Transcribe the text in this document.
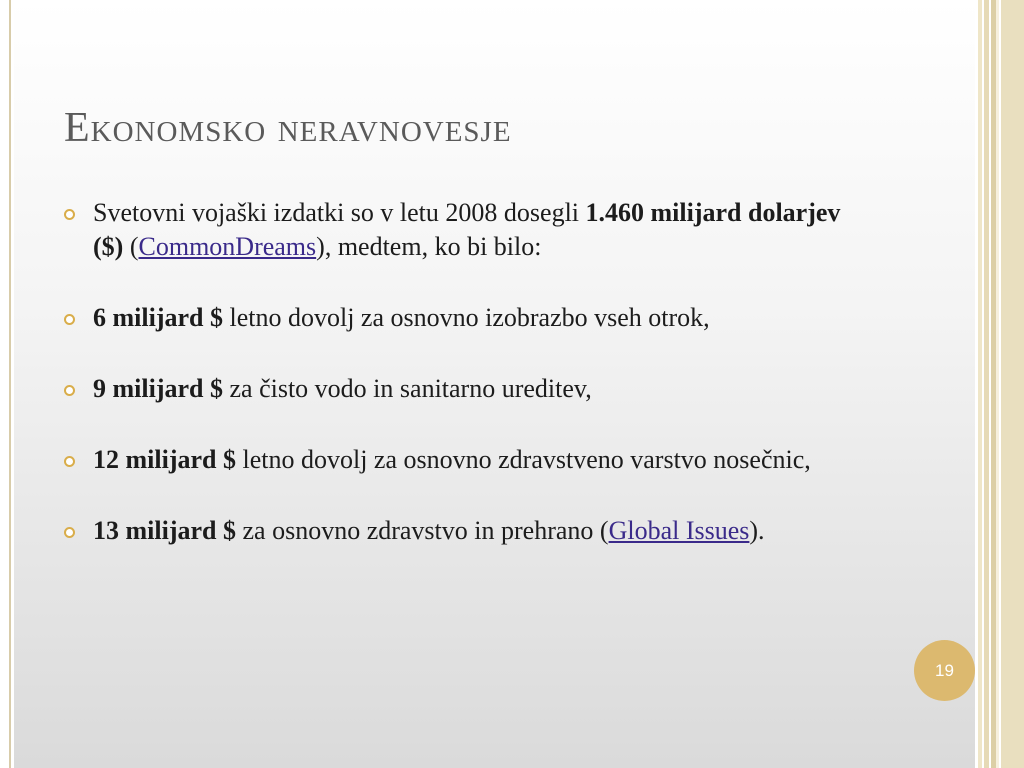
Ekonomsko neravnovesje
Svetovni vojaški izdatki so v letu 2008 dosegli 1.460 milijard dolarjev ($) (CommonDreams), medtem, ko bi bilo:
6 milijard $ letno dovolj za osnovno izobrazbo vseh otrok,
9 milijard $ za čisto vodo in sanitarno ureditev,
12 milijard $ letno dovolj za osnovno zdravstveno varstvo nosečnic,
13 milijard $ za osnovno zdravstvo in prehrano (Global Issues).
19
